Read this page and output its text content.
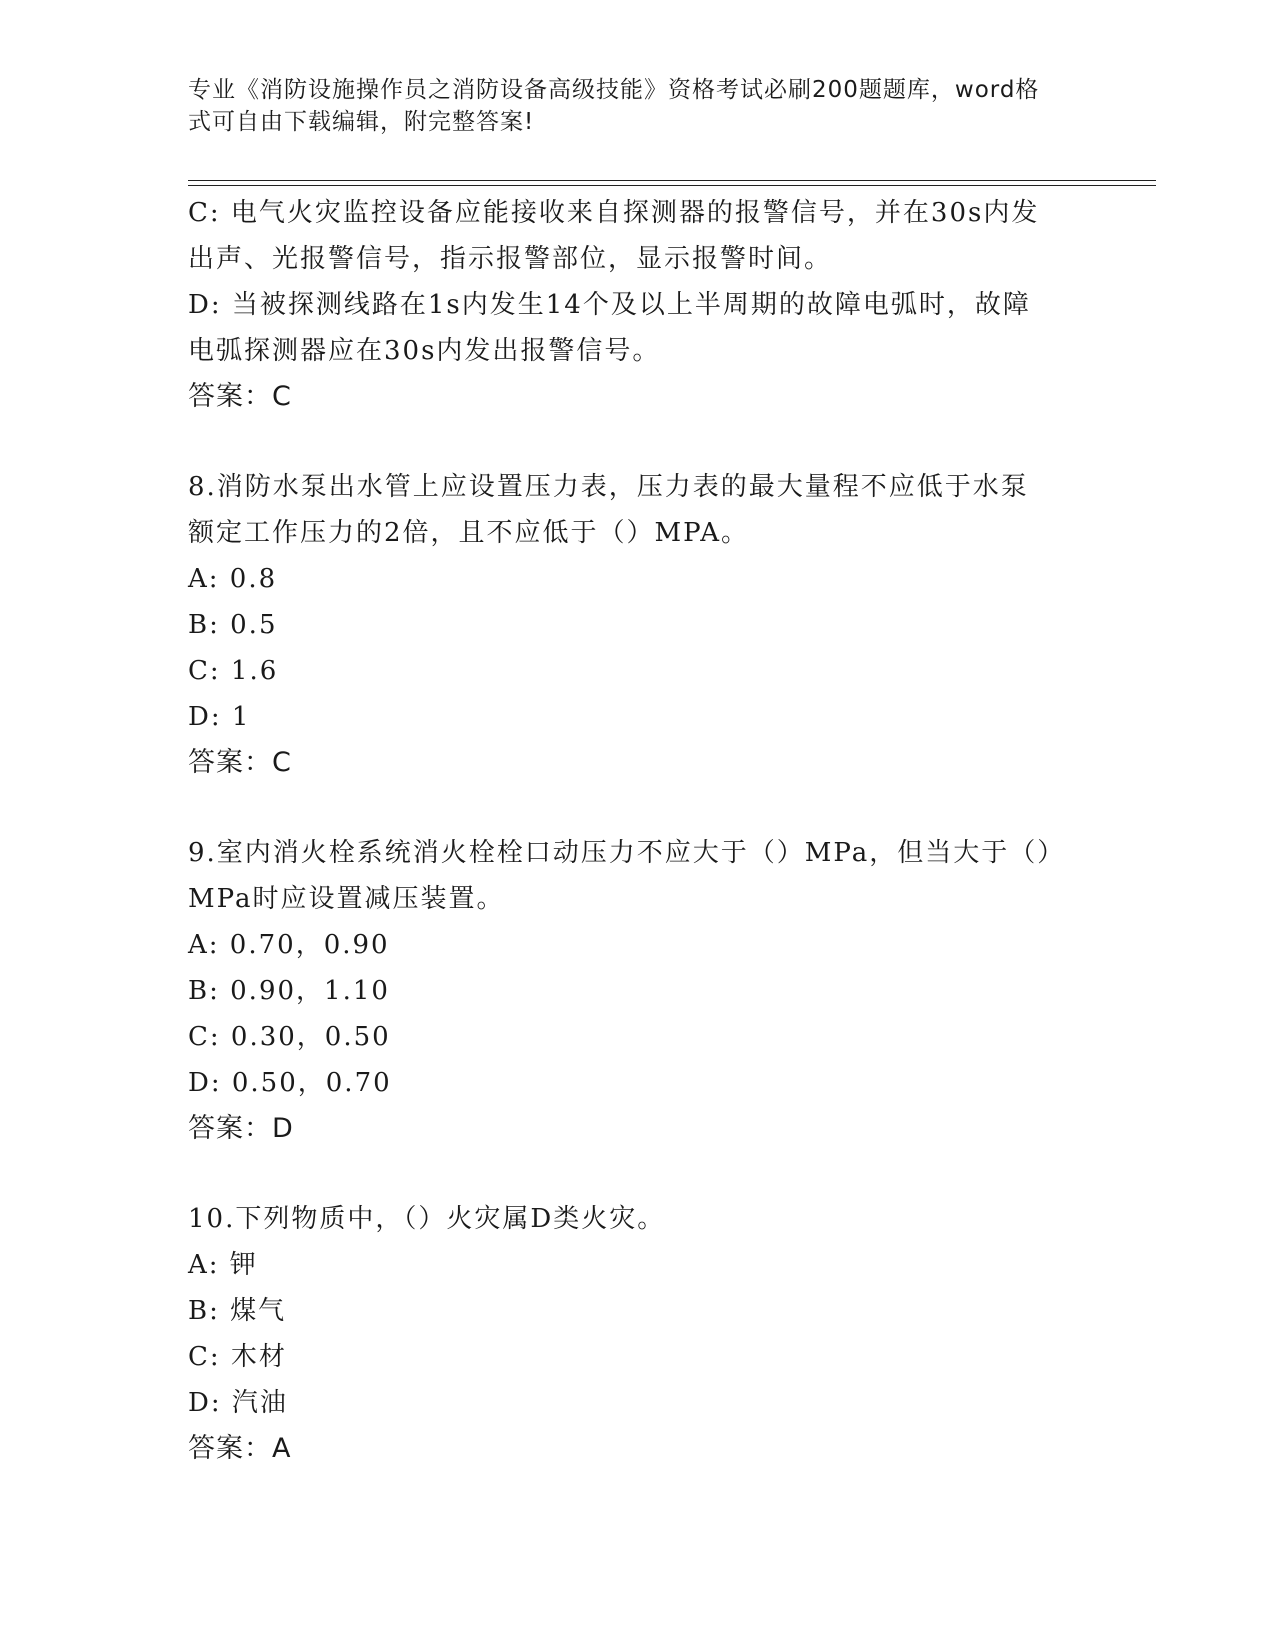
专业《消防设施操作员之消防设备高级技能》资格考试必刷200题题库，word格
式可自由下载编辑，附完整答案!
C: 电气火灾监控设备应能接收来自探测器的报警信号，并在30s内发
出声、光报警信号，指示报警部位，显示报警时间。
D: 当被探测线路在1s内发生14个及以上半周期的故障电弧时，故障
电弧探测器应在30s内发出报警信号。
答案：C
8.消防水泵出水管上应设置压力表，压力表的最大量程不应低于水泵
额定工作压力的2倍，且不应低于（）MPA。
A: 0.8
B: 0.5
C: 1.6
D: 1
答案：C
9.室内消火栓系统消火栓栓口动压力不应大于（）MPa，但当大于（）
MPa时应设置减压装置。
A: 0.70，0.90
B: 0.90，1.10
C: 0.30，0.50
D: 0.50，0.70
答案：D
10.下列物质中，（）火灾属D类火灾。
A: 钾
B: 煤气
C: 木材
D: 汽油
答案：A
